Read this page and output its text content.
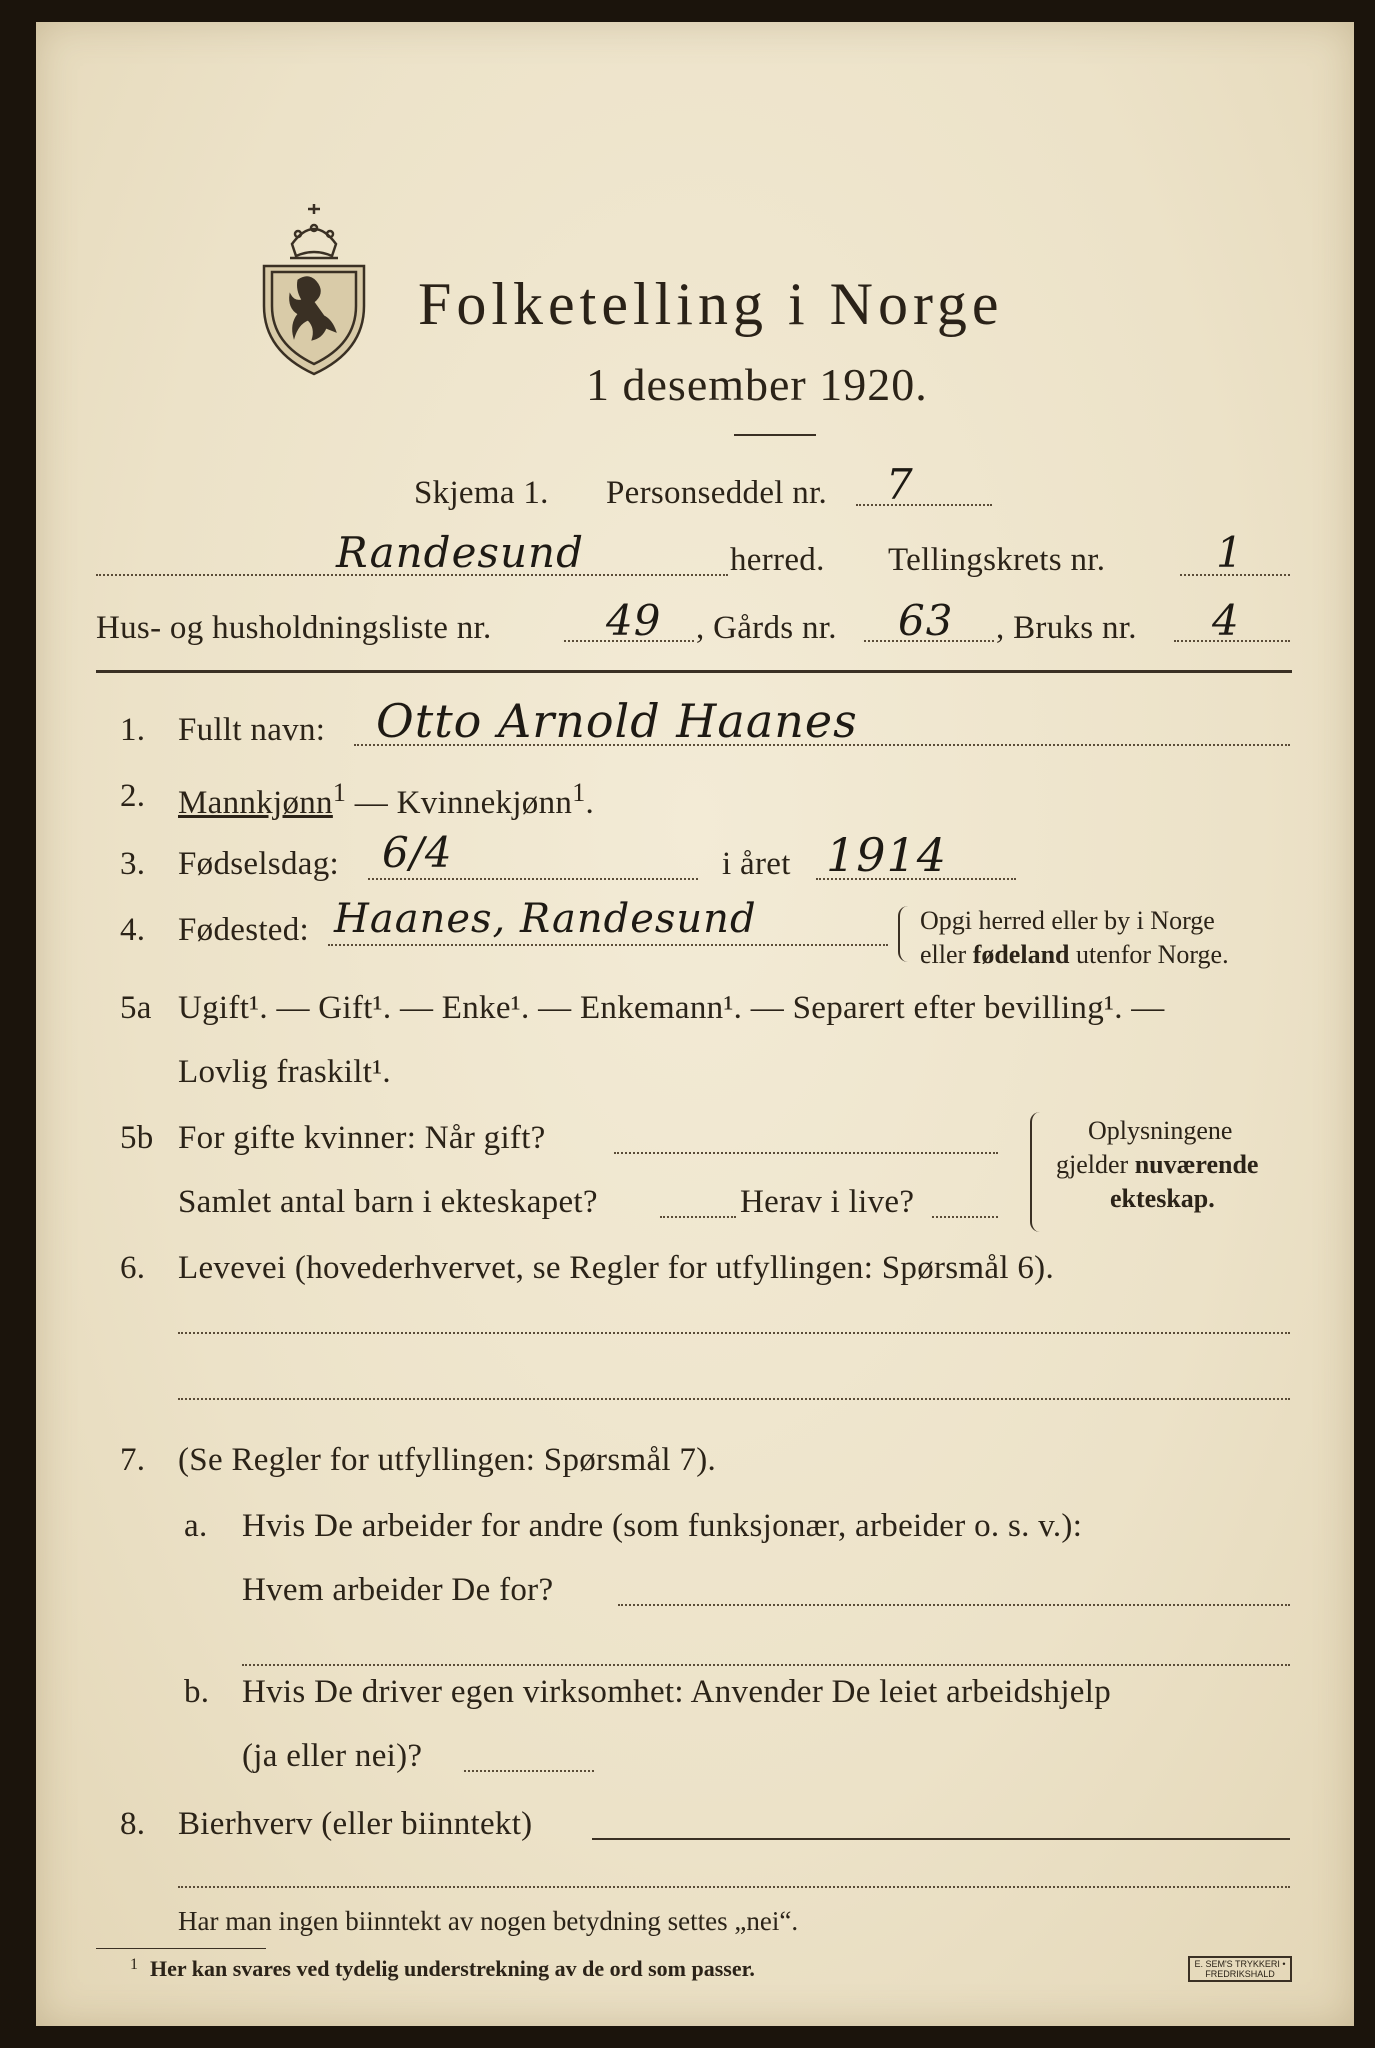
Folketelling i Norge
1 desember 1920.
Skjema 1. Personseddel nr. 7
Randesund	herred. Tellingskrets nr.	1
Hus- og husholdningsliste nr.	49 , Gårds nr. 63 , Bruks nr. 4
1. Fullt navn: Otto Arnold Haanes
2. Mannkjønn$^1$ — Kvinnekjønn$^1$.
3. Fødselsdag: 6/4	i året 1914
4. Fødested: Haanes, Randesund	Opgi herred eller by i Norge
eller fødeland utenfor Norge.
5a Ugift¹. — Gift¹. — Enke¹. — Enkemann¹. — Separert efter bevilling¹. —
Lovlig fraskilt¹.
5b For gifte kvinner: Når gift?
Samlet antal barn i ekteskapet?	Herav i live?
Oplysningene
gjelder nuværende
ekteskap.
6. Levevei (hovederhvervet, se Regler for utfyllingen: Spørsmål 6).
7. (Se Regler for utfyllingen: Spørsmål 7).
a. Hvis De arbeider for andre (som funksjonær, arbeider o. s. v.):
Hvem arbeider De for?
b. Hvis De driver egen virksomhet: Anvender De leiet arbeidshjelp
(ja eller nei)?
8. Bierhverv (eller biinntekt)
Har man ingen biinntekt av nogen betydning settes „nei“.
1 Her kan svares ved tydelig understrekning av de ord som passer.	E. SEM'S TRYKKERI • FREDRIKSHALD
